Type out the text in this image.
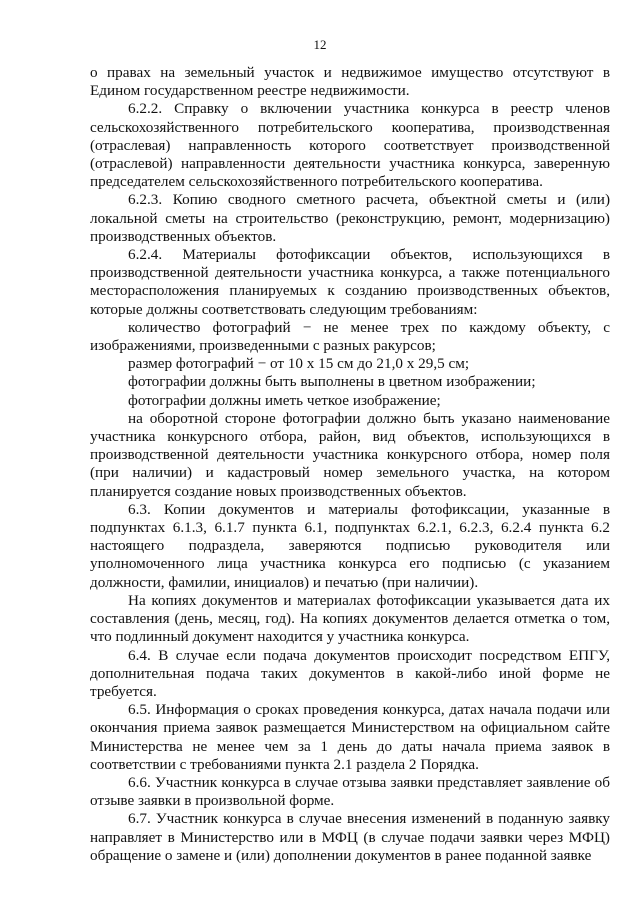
12

о правах на земельный участок и недвижимое имущество отсутствуют в Едином государственном реестре недвижимости.

6.2.2. Справку о включении участника конкурса в реестр членов сельскохозяйственного потребительского кооператива, производственная (отраслевая) направленность которого соответствует производственной (отраслевой) направленности деятельности участника конкурса, заверенную председателем сельскохозяйственного потребительского кооператива.

6.2.3. Копию сводного сметного расчета, объектной сметы и (или) локальной сметы на строительство (реконструкцию, ремонт, модернизацию) производственных объектов.

6.2.4. Материалы фотофиксации объектов, использующихся в производственной деятельности участника конкурса, а также потенциального месторасположения планируемых к созданию производственных объектов, которые должны соответствовать следующим требованиям:

количество фотографий − не менее трех по каждому объекту, с изображениями, произведенными с разных ракурсов;

размер фотографий − от 10 х 15 см до 21,0 х 29,5 см;

фотографии должны быть выполнены в цветном изображении;

фотографии должны иметь четкое изображение;

на оборотной стороне фотографии должно быть указано наименование участника конкурсного отбора, район, вид объектов, использующихся в производственной деятельности участника конкурсного отбора, номер поля (при наличии) и кадастровый номер земельного участка, на котором планируется создание новых производственных объектов.

6.3. Копии документов и материалы фотофиксации, указанные в подпунктах 6.1.3, 6.1.7 пункта 6.1, подпунктах 6.2.1, 6.2.3, 6.2.4 пункта 6.2 настоящего подраздела, заверяются подписью руководителя или уполномоченного лица участника конкурса его подписью (с указанием должности, фамилии, инициалов) и печатью (при наличии).

На копиях документов и материалах фотофиксации указывается дата их составления (день, месяц, год). На копиях документов делается отметка о том, что подлинный документ находится у участника конкурса.

6.4. В случае если подача документов происходит посредством ЕПГУ, дополнительная подача таких документов в какой-либо иной форме не требуется.

6.5. Информация о сроках проведения конкурса, датах начала подачи или окончания приема заявок размещается Министерством на официальном сайте Министерства не менее чем за 1 день до даты начала приема заявок в соответствии с требованиями пункта 2.1 раздела 2 Порядка.

6.6. Участник конкурса в случае отзыва заявки представляет заявление об отзыве заявки в произвольной форме.

6.7. Участник конкурса в случае внесения изменений в поданную заявку направляет в Министерство или в МФЦ (в случае подачи заявки через МФЦ) обращение о замене и (или) дополнении документов в ранее поданной заявке
